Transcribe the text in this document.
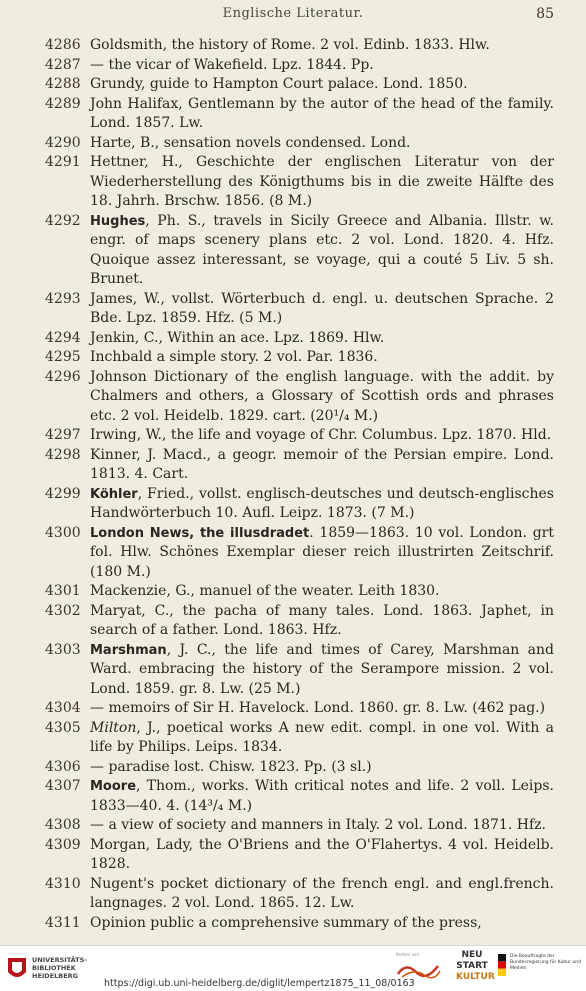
Englische Literatur.	85
4286 Goldsmith, the history of Rome. 2 vol. Edinb. 1833. Hlw.
4287 — the vicar of Wakefield. Lpz. 1844. Pp.
4288 Grundy, guide to Hampton Court palace. Lond. 1850.
4289 John Halifax, Gentlemann by the autor of the head of the family. Lond. 1857. Lw.
4290 Harte, B., sensation novels condensed. Lond.
4291 Hettner, H., Geschichte der englischen Literatur von der Wiederherstellung des Königthums bis in die zweite Hälfte des 18. Jahrh. Brschw. 1856. (8 M.)
4292 Hughes, Ph. S., travels in Sicily Greece and Albania. Illstr. w. engr. of maps scenery plans etc. 2 vol. Lond. 1820. 4. Hfz. Quoique assez interessant, se voyage, qui a couté 5 Liv. 5 sh. Brunet.
4293 James, W., vollst. Wörterbuch d. engl. u. deutschen Sprache. 2 Bde. Lpz. 1859. Hfz. (5 M.)
4294 Jenkin, C., Within an ace. Lpz. 1869. Hlw.
4295 Inchbald a simple story. 2 vol. Par. 1836.
4296 Johnson Dictionary of the english language. with the addit. by Chalmers and others, a Glossary of Scottish ords and phrases etc. 2 vol. Heidelb. 1829. cart. (20¹/₄ M.)
4297 Irwing, W., the life and voyage of Chr. Columbus. Lpz. 1870. Hld.
4298 Kinner, J. Macd., a geogr. memoir of the Persian empire. Lond. 1813. 4. Cart.
4299 Köhler, Fried., vollst. englisch-deutsches und deutsch-englisches Handwörterbuch 10. Aufl. Leipz. 1873. (7 M.)
4300 London News, the illusdradet. 1859—1863. 10 vol. London. grt fol. Hlw. Schönes Exemplar dieser reich illustrirten Zeitschrif. (180 M.)
4301 Mackenzie, G., manuel of the weater. Leith 1830.
4302 Maryat, C., the pacha of many tales. Lond. 1863. Japhet, in search of a father. Lond. 1863. Hfz.
4303 Marshman, J. C., the life and times of Carey, Marshman and Ward. embracing the history of the Serampore mission. 2 vol. Lond. 1859. gr. 8. Lw. (25 M.)
4304 — memoirs of Sir H. Havelock. Lond. 1860. gr. 8. Lw. (462 pag.)
4305 Milton, J., poetical works A new edit. compl. in one vol. With a life by Philips. Leips. 1834.
4306 — paradise lost. Chisw. 1823. Pp. (3 sl.)
4307 Moore, Thom., works. With critical notes and life. 2 voll. Leips. 1833—40. 4. (14³/₄ M.)
4308 — a view of society and manners in Italy. 2 vol. Lond. 1871. Hfz.
4309 Morgan, Lady, the O'Briens and the O'Flahertys. 4 vol. Heidelb. 1828.
4310 Nugent's pocket dictionary of the french engl. and engl.french. langnages. 2 vol. Lond. 1865. 12. Lw.
4311 Opinion public a comprehensive summary of the press,
UNIVERSITÄTS-
BIBLIOTHEK
HEIDELBERG
Partner von	NEU
START
KULTUR
Die Beauftragte der Bundesregierung für Kultur und Medien
https://digi.ub.uni-heidelberg.de/diglit/lempertz1875_11_08/0163
